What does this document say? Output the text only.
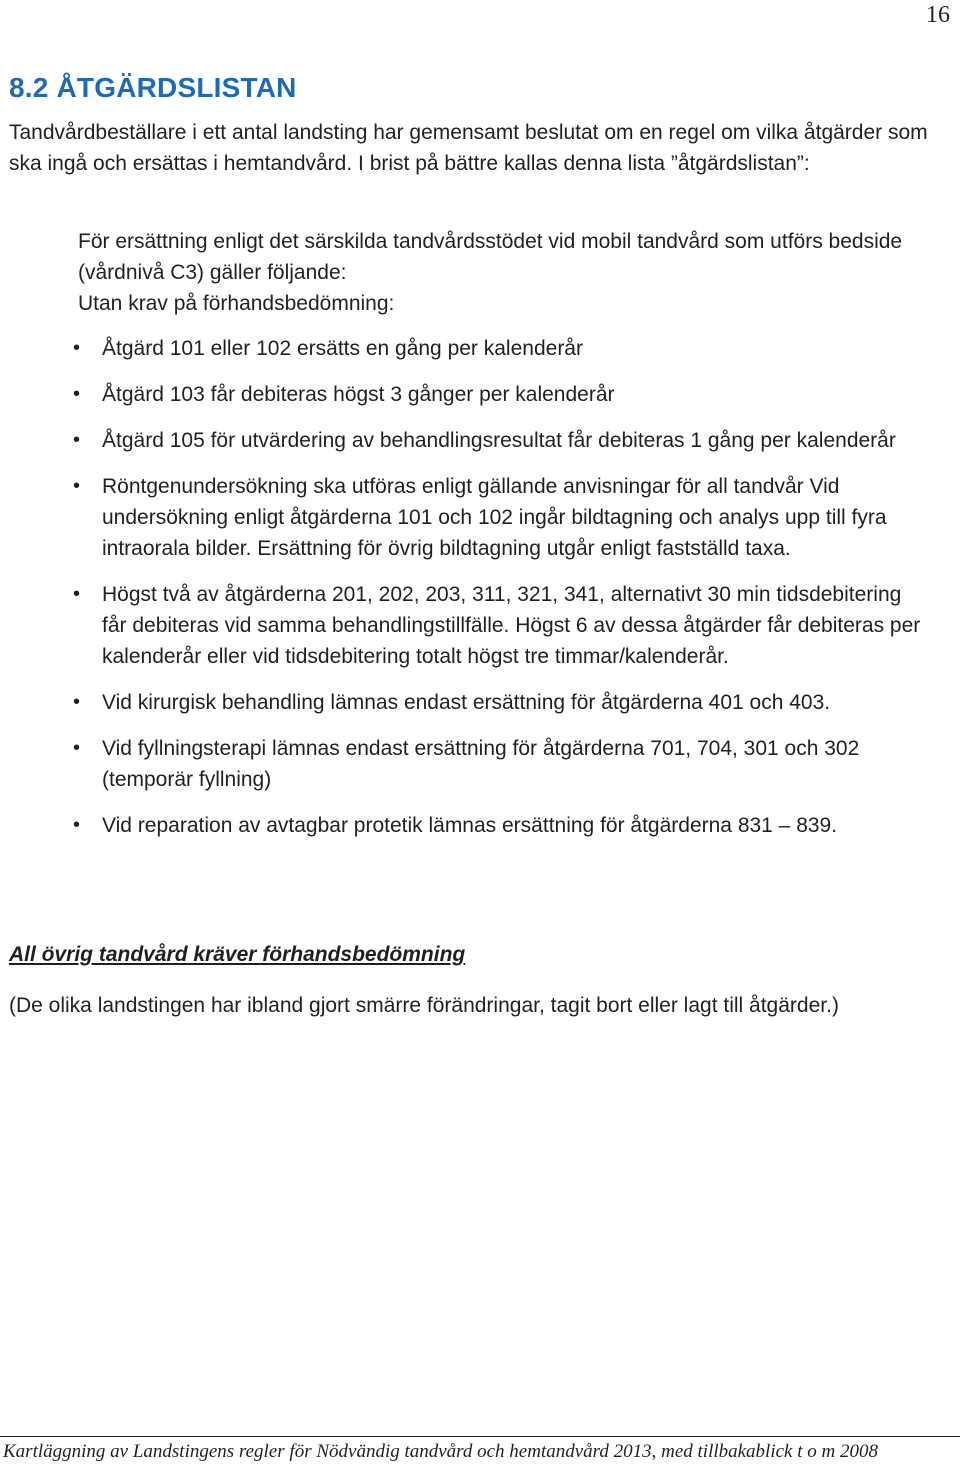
16
8.2 ÅTGÄRDSLISTAN

Tandvårdbeställare i ett antal landsting har gemensamt beslutat om en regel om vilka åtgärder som ska ingå och ersättas i hemtandvård. I brist på bättre kallas denna lista ”åtgärdslistan”:

För ersättning enligt det särskilda tandvårdsstödet vid mobil tandvård som utförs bedside (vårdnivå C3) gäller följande:
Utan krav på förhandsbedömning:
• Åtgärd 101 eller 102 ersätts en gång per kalenderår
• Åtgärd 103 får debiteras högst 3 gånger per kalenderår
• Åtgärd 105 för utvärdering av behandlingsresultat får debiteras 1 gång per kalenderår
• Röntgenundersökning ska utföras enligt gällande anvisningar för all tandvår Vid undersökning enligt åtgärderna 101 och 102 ingår bildtagning och analys upp till fyra intraorala bilder. Ersättning för övrig bildtagning utgår enligt fastställd taxa.
• Högst två av åtgärderna 201, 202, 203, 311, 321, 341, alternativt 30 min tidsdebitering får debiteras vid samma behandlingstillfälle. Högst 6 av dessa åtgärder får debiteras per kalenderår eller vid tidsdebitering totalt högst tre timmar/kalenderår.
• Vid kirurgisk behandling lämnas endast ersättning för åtgärderna 401 och 403.
• Vid fyllningsterapi lämnas endast ersättning för åtgärderna 701, 704, 301 och 302 (temporär fyllning)
• Vid reparation av avtagbar protetik lämnas ersättning för åtgärderna 831 – 839.

All övrig tandvård kräver förhandsbedömning

(De olika landstingen har ibland gjort smärre förändringar, tagit bort eller lagt till åtgärder.)

Kartläggning av Landstingens regler för Nödvändig tandvård och hemtandvård 2013, med tillbakablick t o m 2008
